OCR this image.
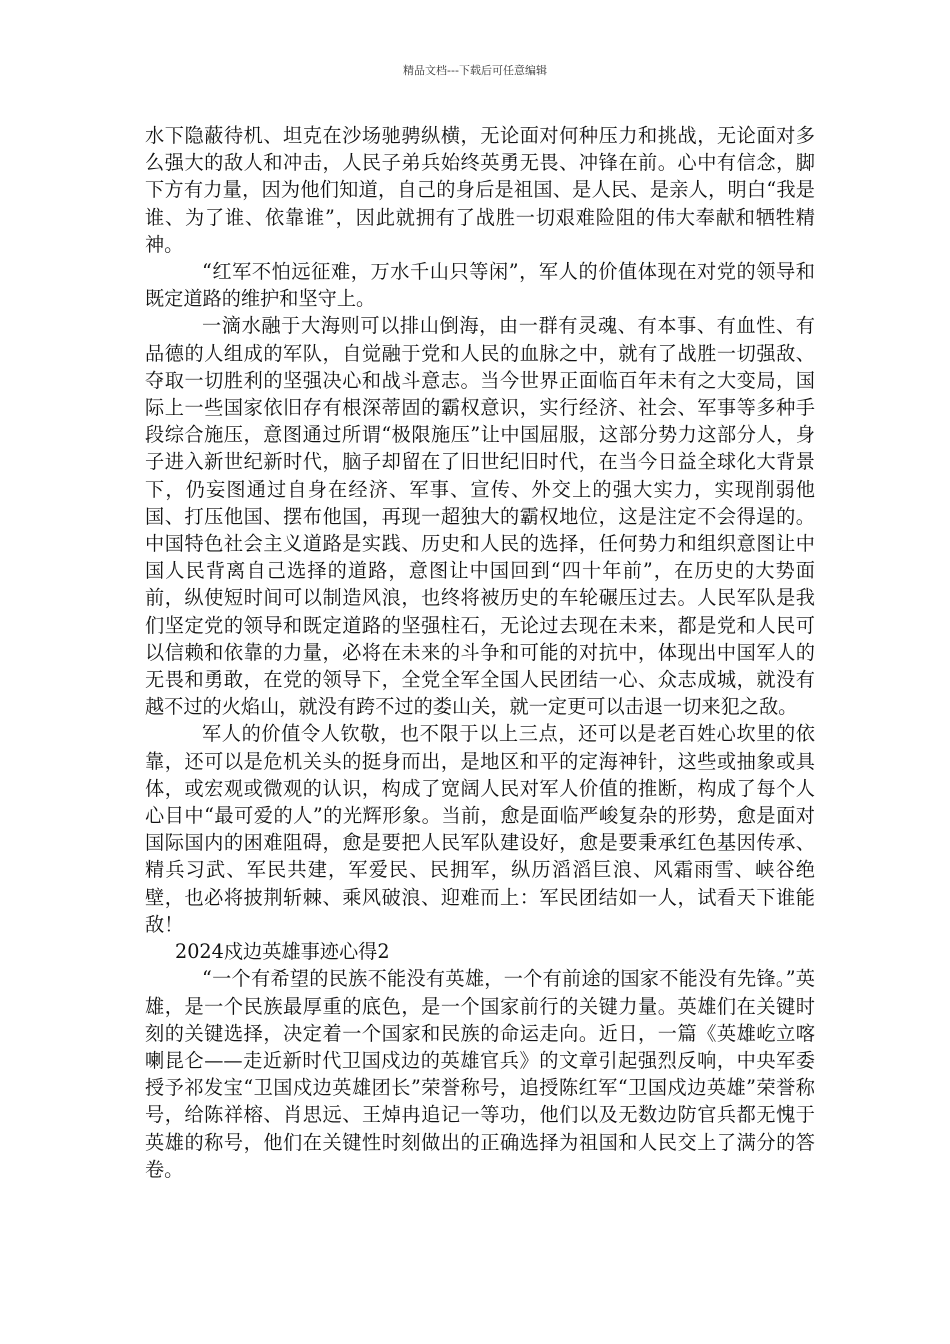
精品文档---下载后可任意编辑

水下隐蔽待机、坦克在沙场驰骋纵横，无论面对何种压力和挑战，无论面对多么强大的敌人和冲击，人民子弟兵始终英勇无畏、冲锋在前。心中有信念，脚下方有力量，因为他们知道，自己的身后是祖国、是人民、是亲人，明白“我是谁、为了谁、依靠谁”，因此就拥有了战胜一切艰难险阻的伟大奉献和牺牲精神。

“红军不怕远征难，万水千山只等闲”，军人的价值体现在对党的领导和既定道路的维护和坚守上。

一滴水融于大海则可以排山倒海，由一群有灵魂、有本事、有血性、有品德的人组成的军队，自觉融于党和人民的血脉之中，就有了战胜一切强敌、夺取一切胜利的坚强决心和战斗意志。当今世界正面临百年未有之大变局，国际上一些国家依旧存有根深蒂固的霸权意识，实行经济、社会、军事等多种手段综合施压，意图通过所谓“极限施压”让中国屈服，这部分势力这部分人，身子进入新世纪新时代，脑子却留在了旧世纪旧时代，在当今日益全球化大背景下，仍妄图通过自身在经济、军事、宣传、外交上的强大实力，实现削弱他国、打压他国、摆布他国，再现一超独大的霸权地位，这是注定不会得逞的。中国特色社会主义道路是实践、历史和人民的选择，任何势力和组织意图让中国人民背离自己选择的道路，意图让中国回到“四十年前”，在历史的大势面前，纵使短时间可以制造风浪，也终将被历史的车轮碾压过去。人民军队是我们坚定党的领导和既定道路的坚强柱石，无论过去现在未来，都是党和人民可以信赖和依靠的力量，必将在未来的斗争和可能的对抗中，体现出中国军人的无畏和勇敢，在党的领导下，全党全军全国人民团结一心、众志成城，就没有越不过的火焰山，就没有跨不过的娄山关，就一定更可以击退一切来犯之敌。

军人的价值令人钦敬，也不限于以上三点，还可以是老百姓心坎里的依靠，还可以是危机关头的挺身而出，是地区和平的定海神针，这些或抽象或具体，或宏观或微观的认识，构成了宽阔人民对军人价值的推断，构成了每个人心目中“最可爱的人”的光辉形象。当前，愈是面临严峻复杂的形势，愈是面对国际国内的困难阻碍，愈是要把人民军队建设好，愈是要秉承红色基因传承、精兵习武、军民共建，军爱民、民拥军，纵历滔滔巨浪、风霜雨雪、峡谷绝壁，也必将披荆斩棘、乘风破浪、迎难而上：军民团结如一人，试看天下谁能敌！

2024戍边英雄事迹心得2

“一个有希望的民族不能没有英雄，一个有前途的国家不能没有先锋。”英雄，是一个民族最厚重的底色，是一个国家前行的关键力量。英雄们在关键时刻的关键选择，决定着一个国家和民族的命运走向。近日，一篇《英雄屹立喀喇昆仑——走近新时代卫国戍边的英雄官兵》的文章引起强烈反响，中央军委授予祁发宝“卫国戍边英雄团长”荣誉称号，追授陈红军“卫国戍边英雄”荣誉称号，给陈祥榕、肖思远、王焯冉追记一等功，他们以及无数边防官兵都无愧于英雄的称号，他们在关键性时刻做出的正确选择为祖国和人民交上了满分的答卷。
